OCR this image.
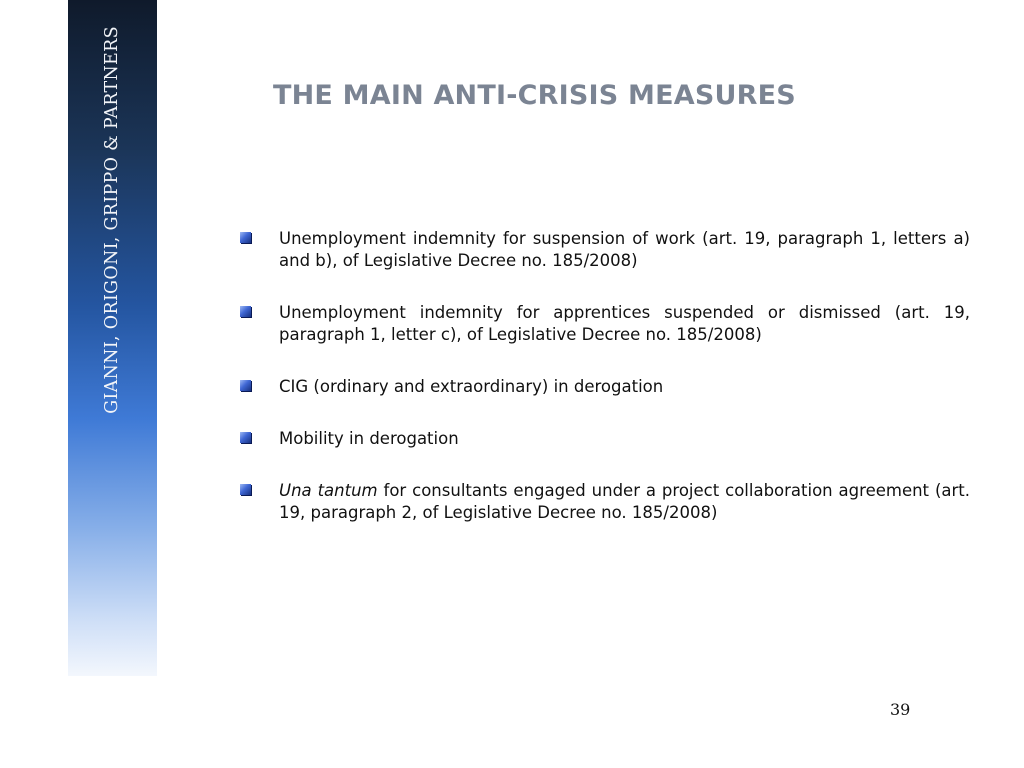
GIANNI, ORIGONI, GRIPPO & PARTNERS	THE MAIN ANTI-CRISIS MEASURES
Unemployment indemnity for suspension of work (art. 19, paragraph 1, letters a) and b), of Legislative Decree no. 185/2008)
Unemployment indemnity for apprentices suspended or dismissed (art. 19, paragraph 1, letter c), of Legislative Decree no. 185/2008)
CIG (ordinary and extraordinary) in derogation
Mobility in derogation
Una tantum for consultants engaged under a project collaboration agreement (art. 19, paragraph 2, of Legislative Decree no. 185/2008)
39
